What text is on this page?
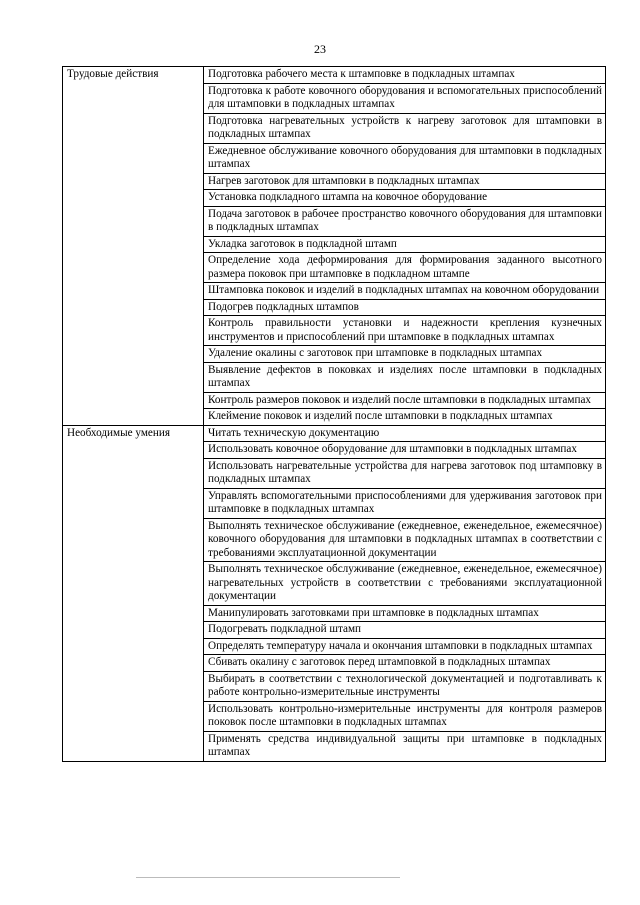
23
Трудовые действия	Подготовка рабочего места к штамповке в подкладных штампах
	Подготовка к работе ковочного оборудования и вспомогательных приспособлений для штамповки в подкладных штампах
	Подготовка нагревательных устройств к нагреву заготовок для штамповки в подкладных штампах
	Ежедневное обслуживание ковочного оборудования для штамповки в подкладных штампах
	Нагрев заготовок для штамповки в подкладных штампах
	Установка подкладного штампа на ковочное оборудование
	Подача заготовок в рабочее пространство ковочного оборудования для штамповки в подкладных штампах
	Укладка заготовок в подкладной штамп
	Определение хода деформирования для формирования заданного высотного размера поковок при штамповке в подкладном штампе
	Штамповка поковок и изделий в подкладных штампах на ковочном оборудовании
	Подогрев подкладных штампов
	Контроль правильности установки и надежности крепления кузнечных инструментов и приспособлений при штамповке в подкладных штампах
	Удаление окалины с заготовок при штамповке в подкладных штампах
	Выявление дефектов в поковках и изделиях после штамповки в подкладных штампах
	Контроль размеров поковок и изделий после штамповки в подкладных штампах
	Клеймение поковок и изделий после штамповки в подкладных штампах
Необходимые умения	Читать техническую документацию
	Использовать ковочное оборудование для штамповки в подкладных штампах
	Использовать нагревательные устройства для нагрева заготовок под штамповку в подкладных штампах
	Управлять вспомогательными приспособлениями для удерживания заготовок при штамповке в подкладных штампах
	Выполнять техническое обслуживание (ежедневное, еженедельное, ежемесячное) ковочного оборудования для штамповки в подкладных штампах в соответствии с требованиями эксплуатационной документации
	Выполнять техническое обслуживание (ежедневное, еженедельное, ежемесячное) нагревательных устройств в соответствии с требованиями эксплуатационной документации
	Манипулировать заготовками при штамповке в подкладных штампах
	Подогревать подкладной штамп
	Определять температуру начала и окончания штамповки в подкладных штампах
	Сбивать окалину с заготовок перед штамповкой в подкладных штампах
	Выбирать в соответствии с технологической документацией и подготавливать к работе контрольно-измерительные инструменты
	Использовать контрольно-измерительные инструменты для контроля размеров поковок после штамповки в подкладных штампах
	Применять средства индивидуальной защиты при штамповке в подкладных штампах
